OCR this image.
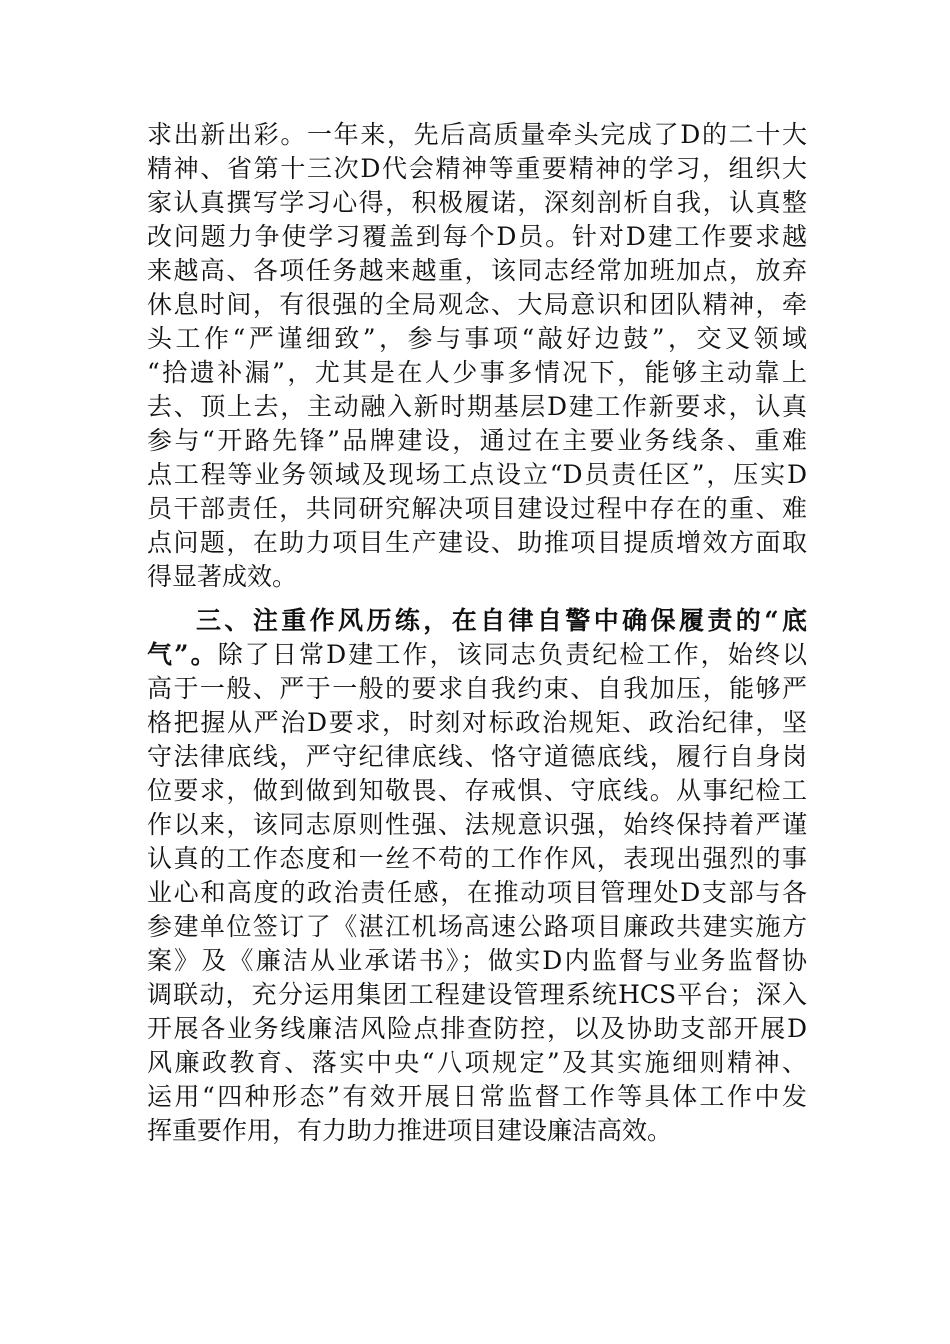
求出新出彩。一年来，先后高质量牵头完成了D的二十大
精神、省第十三次D代会精神等重要精神的学习，组织大
家认真撰写学习心得，积极履诺，深刻剖析自我，认真整
改问题力争使学习覆盖到每个D员。针对D建工作要求越
来越高、各项任务越来越重，该同志经常加班加点，放弃
休息时间，有很强的全局观念、大局意识和团队精神，牵
头工作“严谨细致”，参与事项“敲好边鼓”，交叉领域
“拾遗补漏”，尤其是在人少事多情况下，能够主动靠上
去、顶上去，主动融入新时期基层D建工作新要求，认真
参与“开路先锋”品牌建设，通过在主要业务线条、重难
点工程等业务领域及现场工点设立“D员责任区”，压实D
员干部责任，共同研究解决项目建设过程中存在的重、难
点问题，在助力项目生产建设、助推项目提质增效方面取
得显著成效。
三、注重作风历练，在自律自警中确保履责的“底
气”。除了日常D建工作，该同志负责纪检工作，始终以
高于一般、严于一般的要求自我约束、自我加压，能够严
格把握从严治D要求，时刻对标政治规矩、政治纪律，坚
守法律底线，严守纪律底线、恪守道德底线，履行自身岗
位要求，做到做到知敬畏、存戒惧、守底线。从事纪检工
作以来，该同志原则性强、法规意识强，始终保持着严谨
认真的工作态度和一丝不苟的工作作风，表现出强烈的事
业心和高度的政治责任感，在推动项目管理处D支部与各
参建单位签订了《湛江机场高速公路项目廉政共建实施方
案》及《廉洁从业承诺书》；做实D内监督与业务监督协
调联动，充分运用集团工程建设管理系统HCS平台；深入
开展各业务线廉洁风险点排查防控，以及协助支部开展D
风廉政教育、落实中央“八项规定”及其实施细则精神、
运用“四种形态”有效开展日常监督工作等具体工作中发
挥重要作用，有力助力推进项目建设廉洁高效。
